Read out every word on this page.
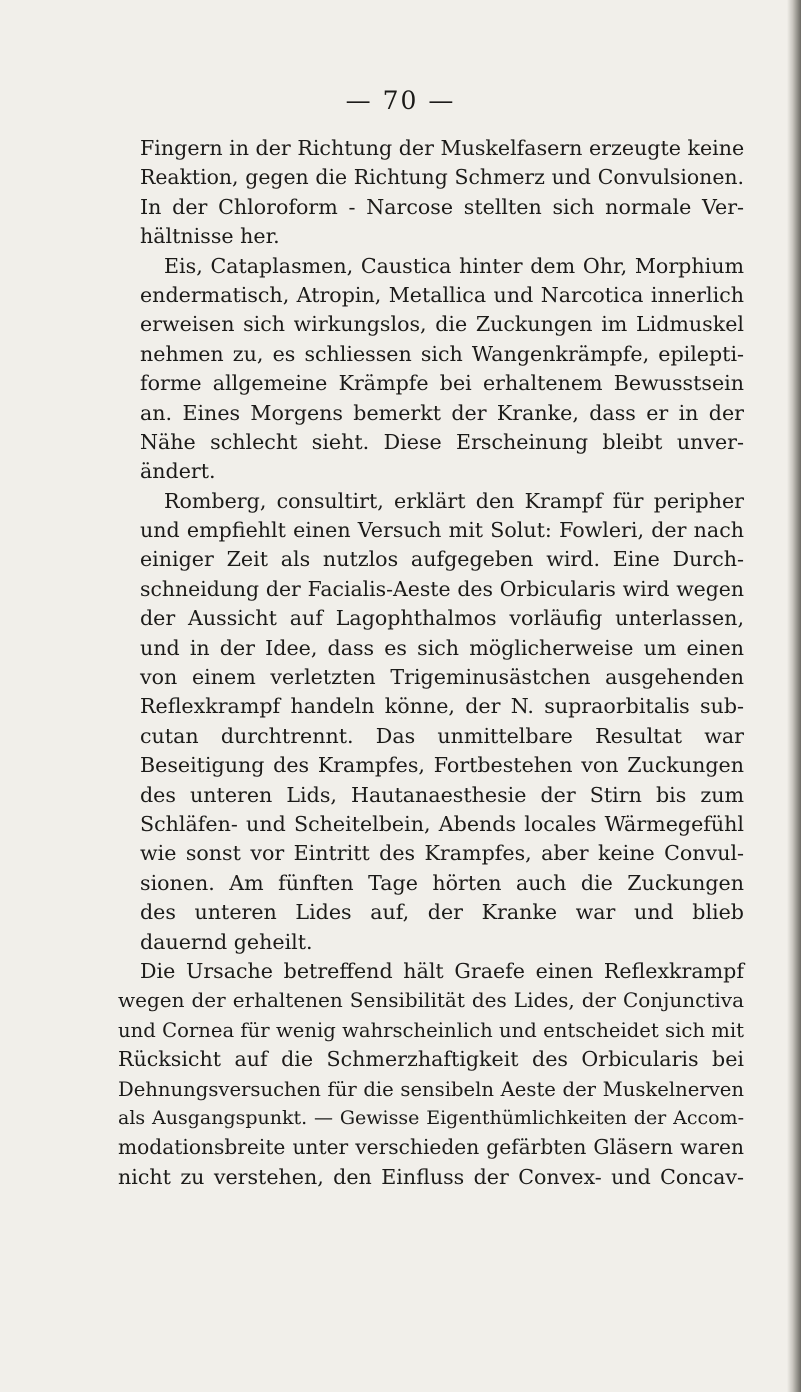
— 70 —
Fingern in der Richtung der Muskelfasern erzeugte keine
Reaktion, gegen die Richtung Schmerz und Convulsionen.
In der Chloroform - Narcose stellten sich normale Ver-
hältnisse her.
Eis, Cataplasmen, Caustica hinter dem Ohr, Morphium
endermatisch, Atropin, Metallica und Narcotica innerlich
erweisen sich wirkungslos, die Zuckungen im Lidmuskel
nehmen zu, es schliessen sich Wangenkrämpfe, epilepti-
forme allgemeine Krämpfe bei erhaltenem Bewusstsein
an. Eines Morgens bemerkt der Kranke, dass er in der
Nähe schlecht sieht. Diese Erscheinung bleibt unver-
ändert.
Romberg, consultirt, erklärt den Krampf für peripher
und empfiehlt einen Versuch mit Solut: Fowleri, der nach
einiger Zeit als nutzlos aufgegeben wird. Eine Durch-
schneidung der Facialis-Aeste des Orbicularis wird wegen
der Aussicht auf Lagophthalmos vorläufig unterlassen,
und in der Idee, dass es sich möglicherweise um einen
von einem verletzten Trigeminusästchen ausgehenden
Reflexkrampf handeln könne, der N. supraorbitalis sub-
cutan durchtrennt. Das unmittelbare Resultat war
Beseitigung des Krampfes, Fortbestehen von Zuckungen
des unteren Lids, Hautanaesthesie der Stirn bis zum
Schläfen- und Scheitelbein, Abends locales Wärmegefühl
wie sonst vor Eintritt des Krampfes, aber keine Convul-
sionen. Am fünften Tage hörten auch die Zuckungen
des unteren Lides auf, der Kranke war und blieb
dauernd geheilt.
Die Ursache betreffend hält Graefe einen Reflexkrampf
wegen der erhaltenen Sensibilität des Lides, der Conjunctiva
und Cornea für wenig wahrscheinlich und entscheidet sich mit
Rücksicht auf die Schmerzhaftigkeit des Orbicularis bei
Dehnungsversuchen für die sensibeln Aeste der Muskelnerven
als Ausgangspunkt. — Gewisse Eigenthümlichkeiten der Accom-
modationsbreite unter verschieden gefärbten Gläsern waren
nicht zu verstehen, den Einfluss der Convex- und Concav-
